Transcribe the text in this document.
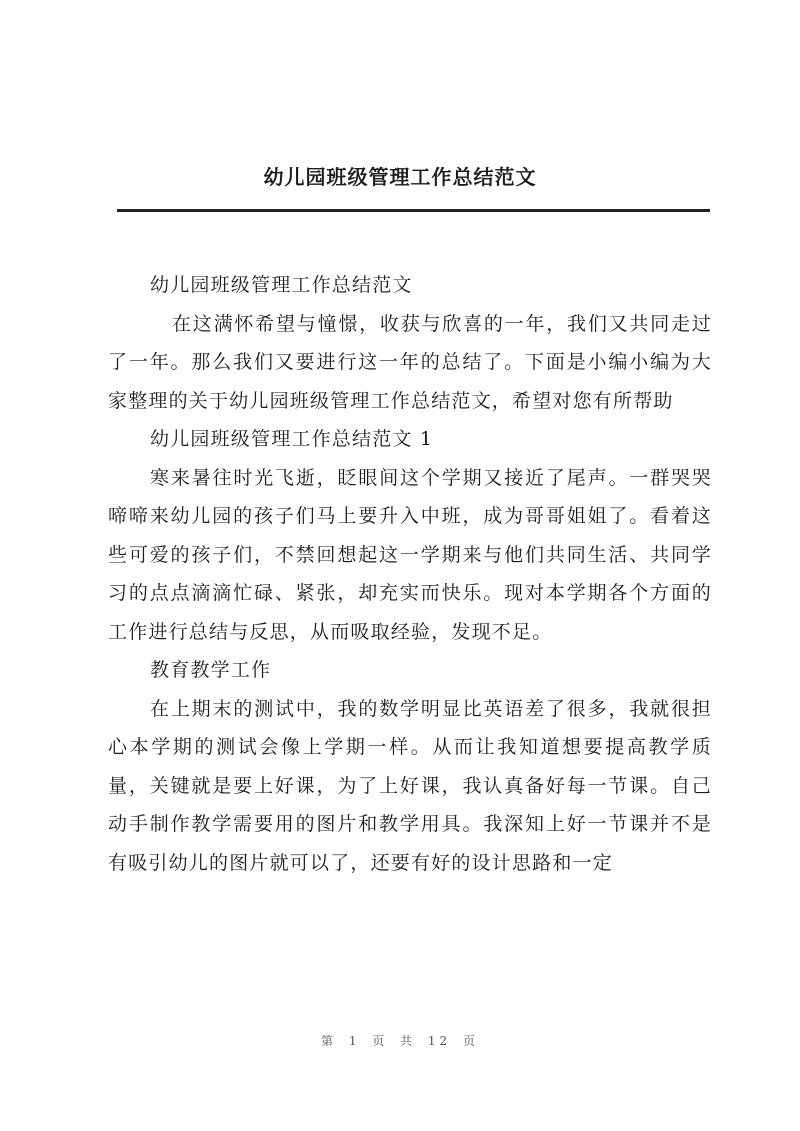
幼儿园班级管理工作总结范文

幼儿园班级管理工作总结范文

在这满怀希望与憧憬，收获与欣喜的一年，我们又共同走过了一年。那么我们又要进行这一年的总结了。下面是小编小编为大家整理的关于幼儿园班级管理工作总结范文，希望对您有所帮助

幼儿园班级管理工作总结范文 1

寒来暑往时光飞逝，眨眼间这个学期又接近了尾声。一群哭哭啼啼来幼儿园的孩子们马上要升入中班，成为哥哥姐姐了。看着这些可爱的孩子们，不禁回想起这一学期来与他们共同生活、共同学习的点点滴滴忙碌、紧张，却充实而快乐。现对本学期各个方面的工作进行总结与反思，从而吸取经验，发现不足。

教育教学工作

在上期末的测试中，我的数学明显比英语差了很多，我就很担心本学期的测试会像上学期一样。从而让我知道想要提高教学质量，关键就是要上好课，为了上好课，我认真备好每一节课。自己动手制作教学需要用的图片和教学用具。我深知上好一节课并不是有吸引幼儿的图片就可以了，还要有好的设计思路和一定

第 1 页 共 12 页
